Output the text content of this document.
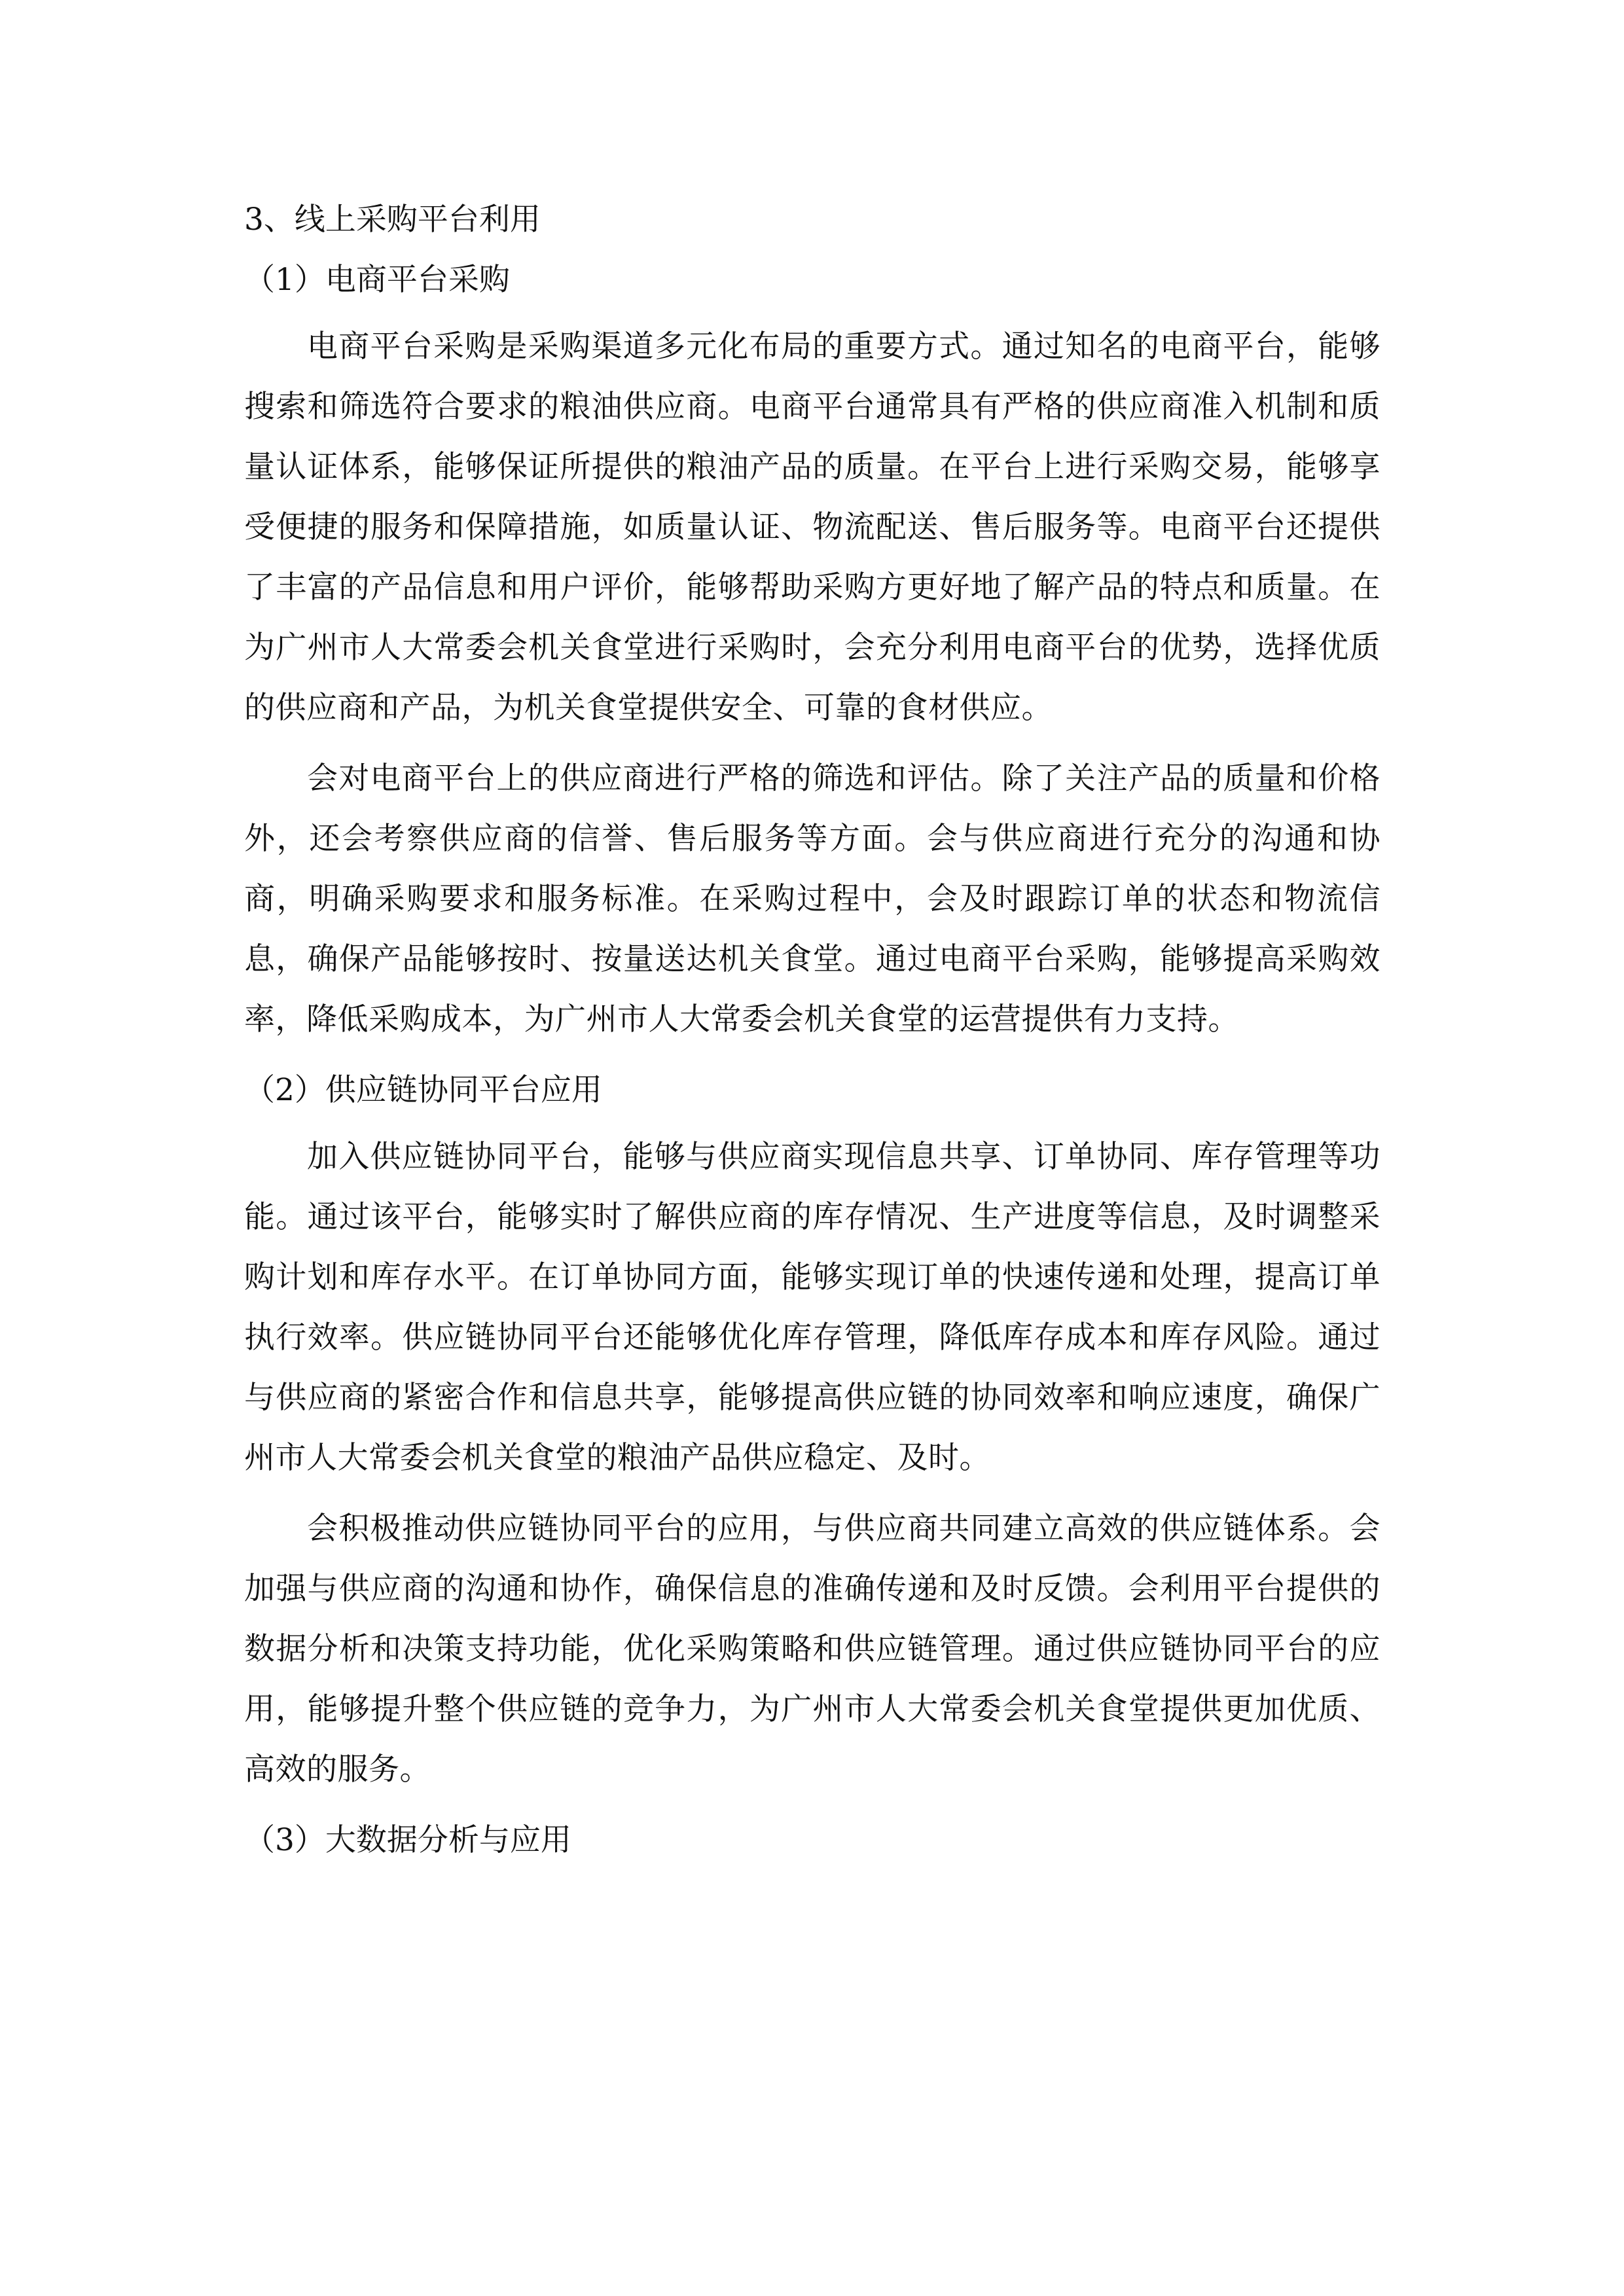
3、线上采购平台利用

（1）电商平台采购

电商平台采购是采购渠道多元化布局的重要方式。通过知名的电商平台，能够搜索和筛选符合要求的粮油供应商。电商平台通常具有严格的供应商准入机制和质量认证体系，能够保证所提供的粮油产品的质量。在平台上进行采购交易，能够享受便捷的服务和保障措施，如质量认证、物流配送、售后服务等。电商平台还提供了丰富的产品信息和用户评价，能够帮助采购方更好地了解产品的特点和质量。在为广州市人大常委会机关食堂进行采购时，会充分利用电商平台的优势，选择优质的供应商和产品，为机关食堂提供安全、可靠的食材供应。

会对电商平台上的供应商进行严格的筛选和评估。除了关注产品的质量和价格外，还会考察供应商的信誉、售后服务等方面。会与供应商进行充分的沟通和协商，明确采购要求和服务标准。在采购过程中，会及时跟踪订单的状态和物流信息，确保产品能够按时、按量送达机关食堂。通过电商平台采购，能够提高采购效率，降低采购成本，为广州市人大常委会机关食堂的运营提供有力支持。

（2）供应链协同平台应用

加入供应链协同平台，能够与供应商实现信息共享、订单协同、库存管理等功能。通过该平台，能够实时了解供应商的库存情况、生产进度等信息，及时调整采购计划和库存水平。在订单协同方面，能够实现订单的快速传递和处理，提高订单执行效率。供应链协同平台还能够优化库存管理，降低库存成本和库存风险。通过与供应商的紧密合作和信息共享，能够提高供应链的协同效率和响应速度，确保广州市人大常委会机关食堂的粮油产品供应稳定、及时。

会积极推动供应链协同平台的应用，与供应商共同建立高效的供应链体系。会加强与供应商的沟通和协作，确保信息的准确传递和及时反馈。会利用平台提供的数据分析和决策支持功能，优化采购策略和供应链管理。通过供应链协同平台的应用，能够提升整个供应链的竞争力，为广州市人大常委会机关食堂提供更加优质、高效的服务。

（3）大数据分析与应用
